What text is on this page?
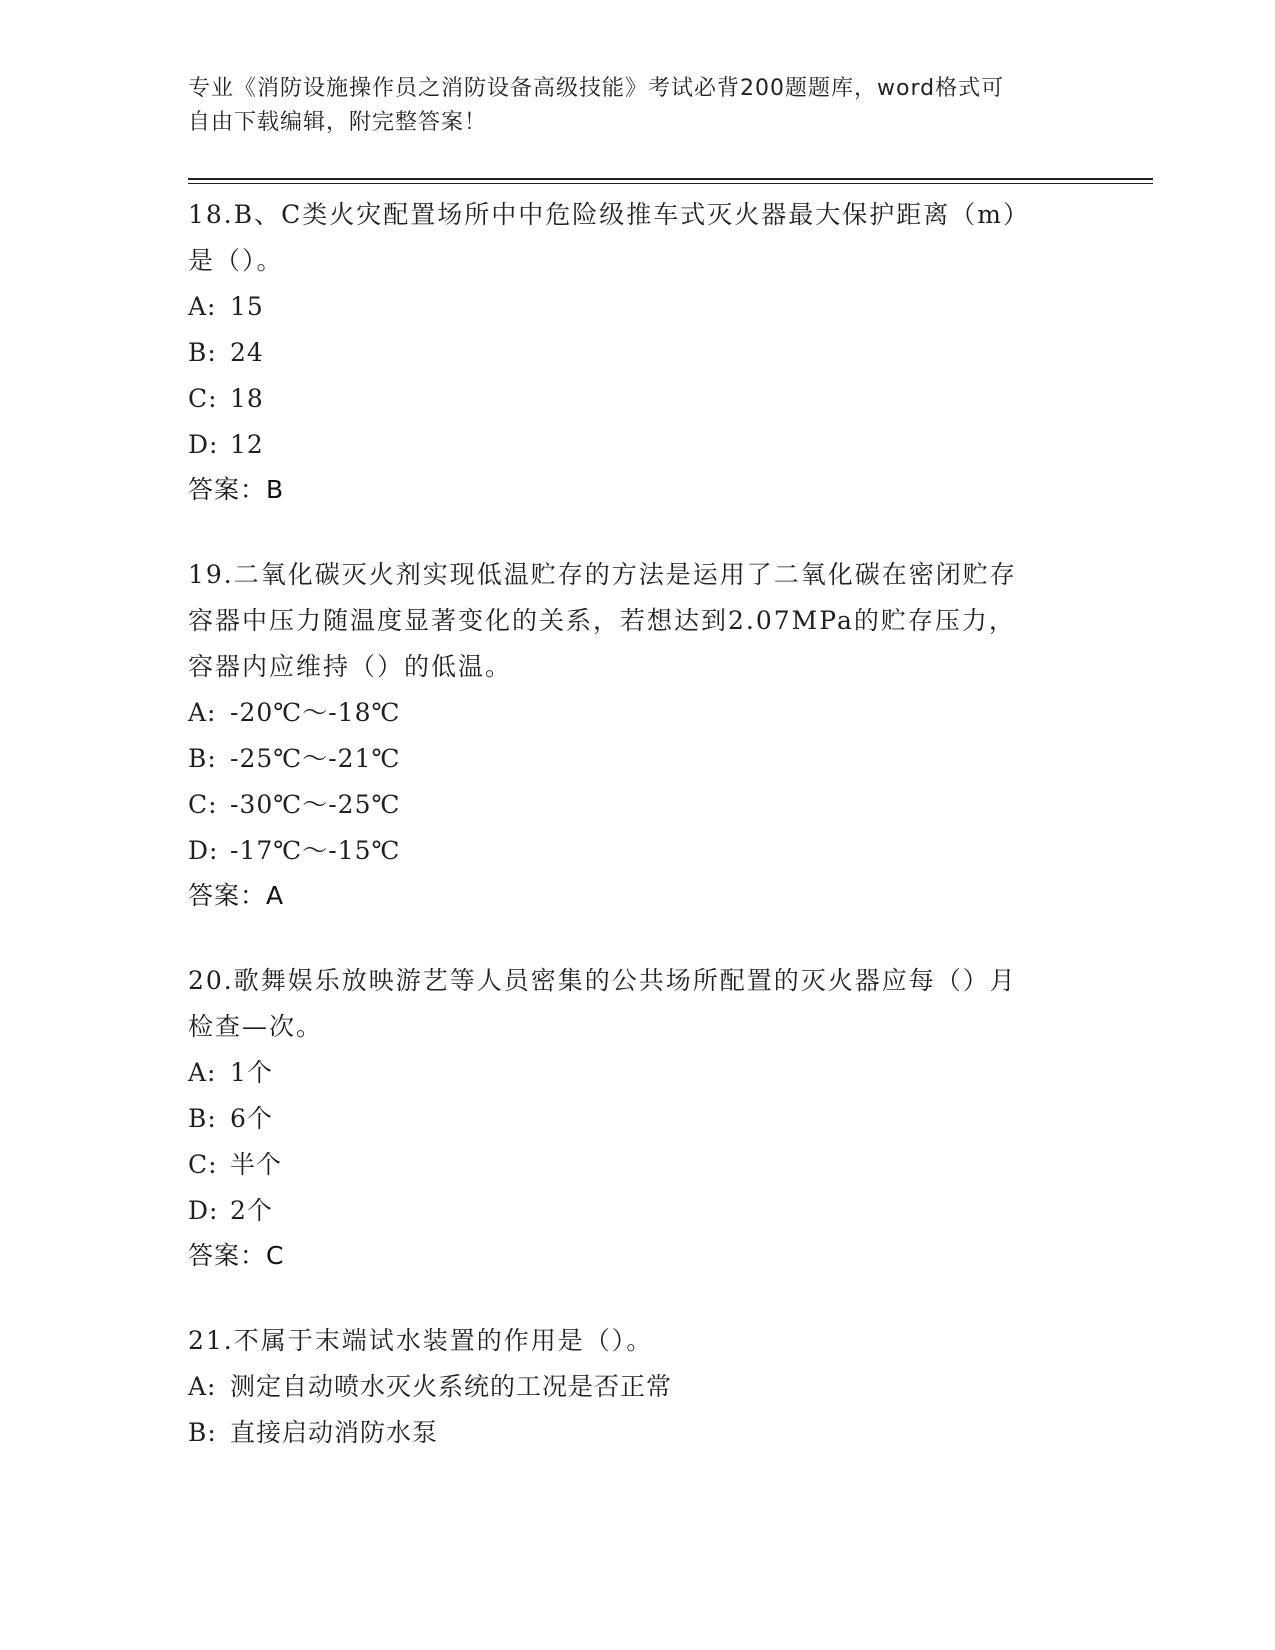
专业《消防设施操作员之消防设备高级技能》考试必背200题题库，word格式可
自由下载编辑，附完整答案！
18.B、C类火灾配置场所中中危险级推车式灭火器最大保护距离（m）
是（）。
A: 15
B: 24
C: 18
D: 12
答案：B
19.二氧化碳灭火剂实现低温贮存的方法是运用了二氧化碳在密闭贮存
容器中压力随温度显著变化的关系，若想达到2.07MPa的贮存压力，
容器内应维持（）的低温。
A: -20℃～-18℃
B: -25℃～-21℃
C: -30℃～-25℃
D: -17℃～-15℃
答案：A
20.歌舞娱乐放映游艺等人员密集的公共场所配置的灭火器应每（）月
检查—次。
A: 1个
B: 6个
C: 半个
D: 2个
答案：C
21.不属于末端试水装置的作用是（）。
A: 测定自动喷水灭火系统的工况是否正常
B: 直接启动消防水泵
